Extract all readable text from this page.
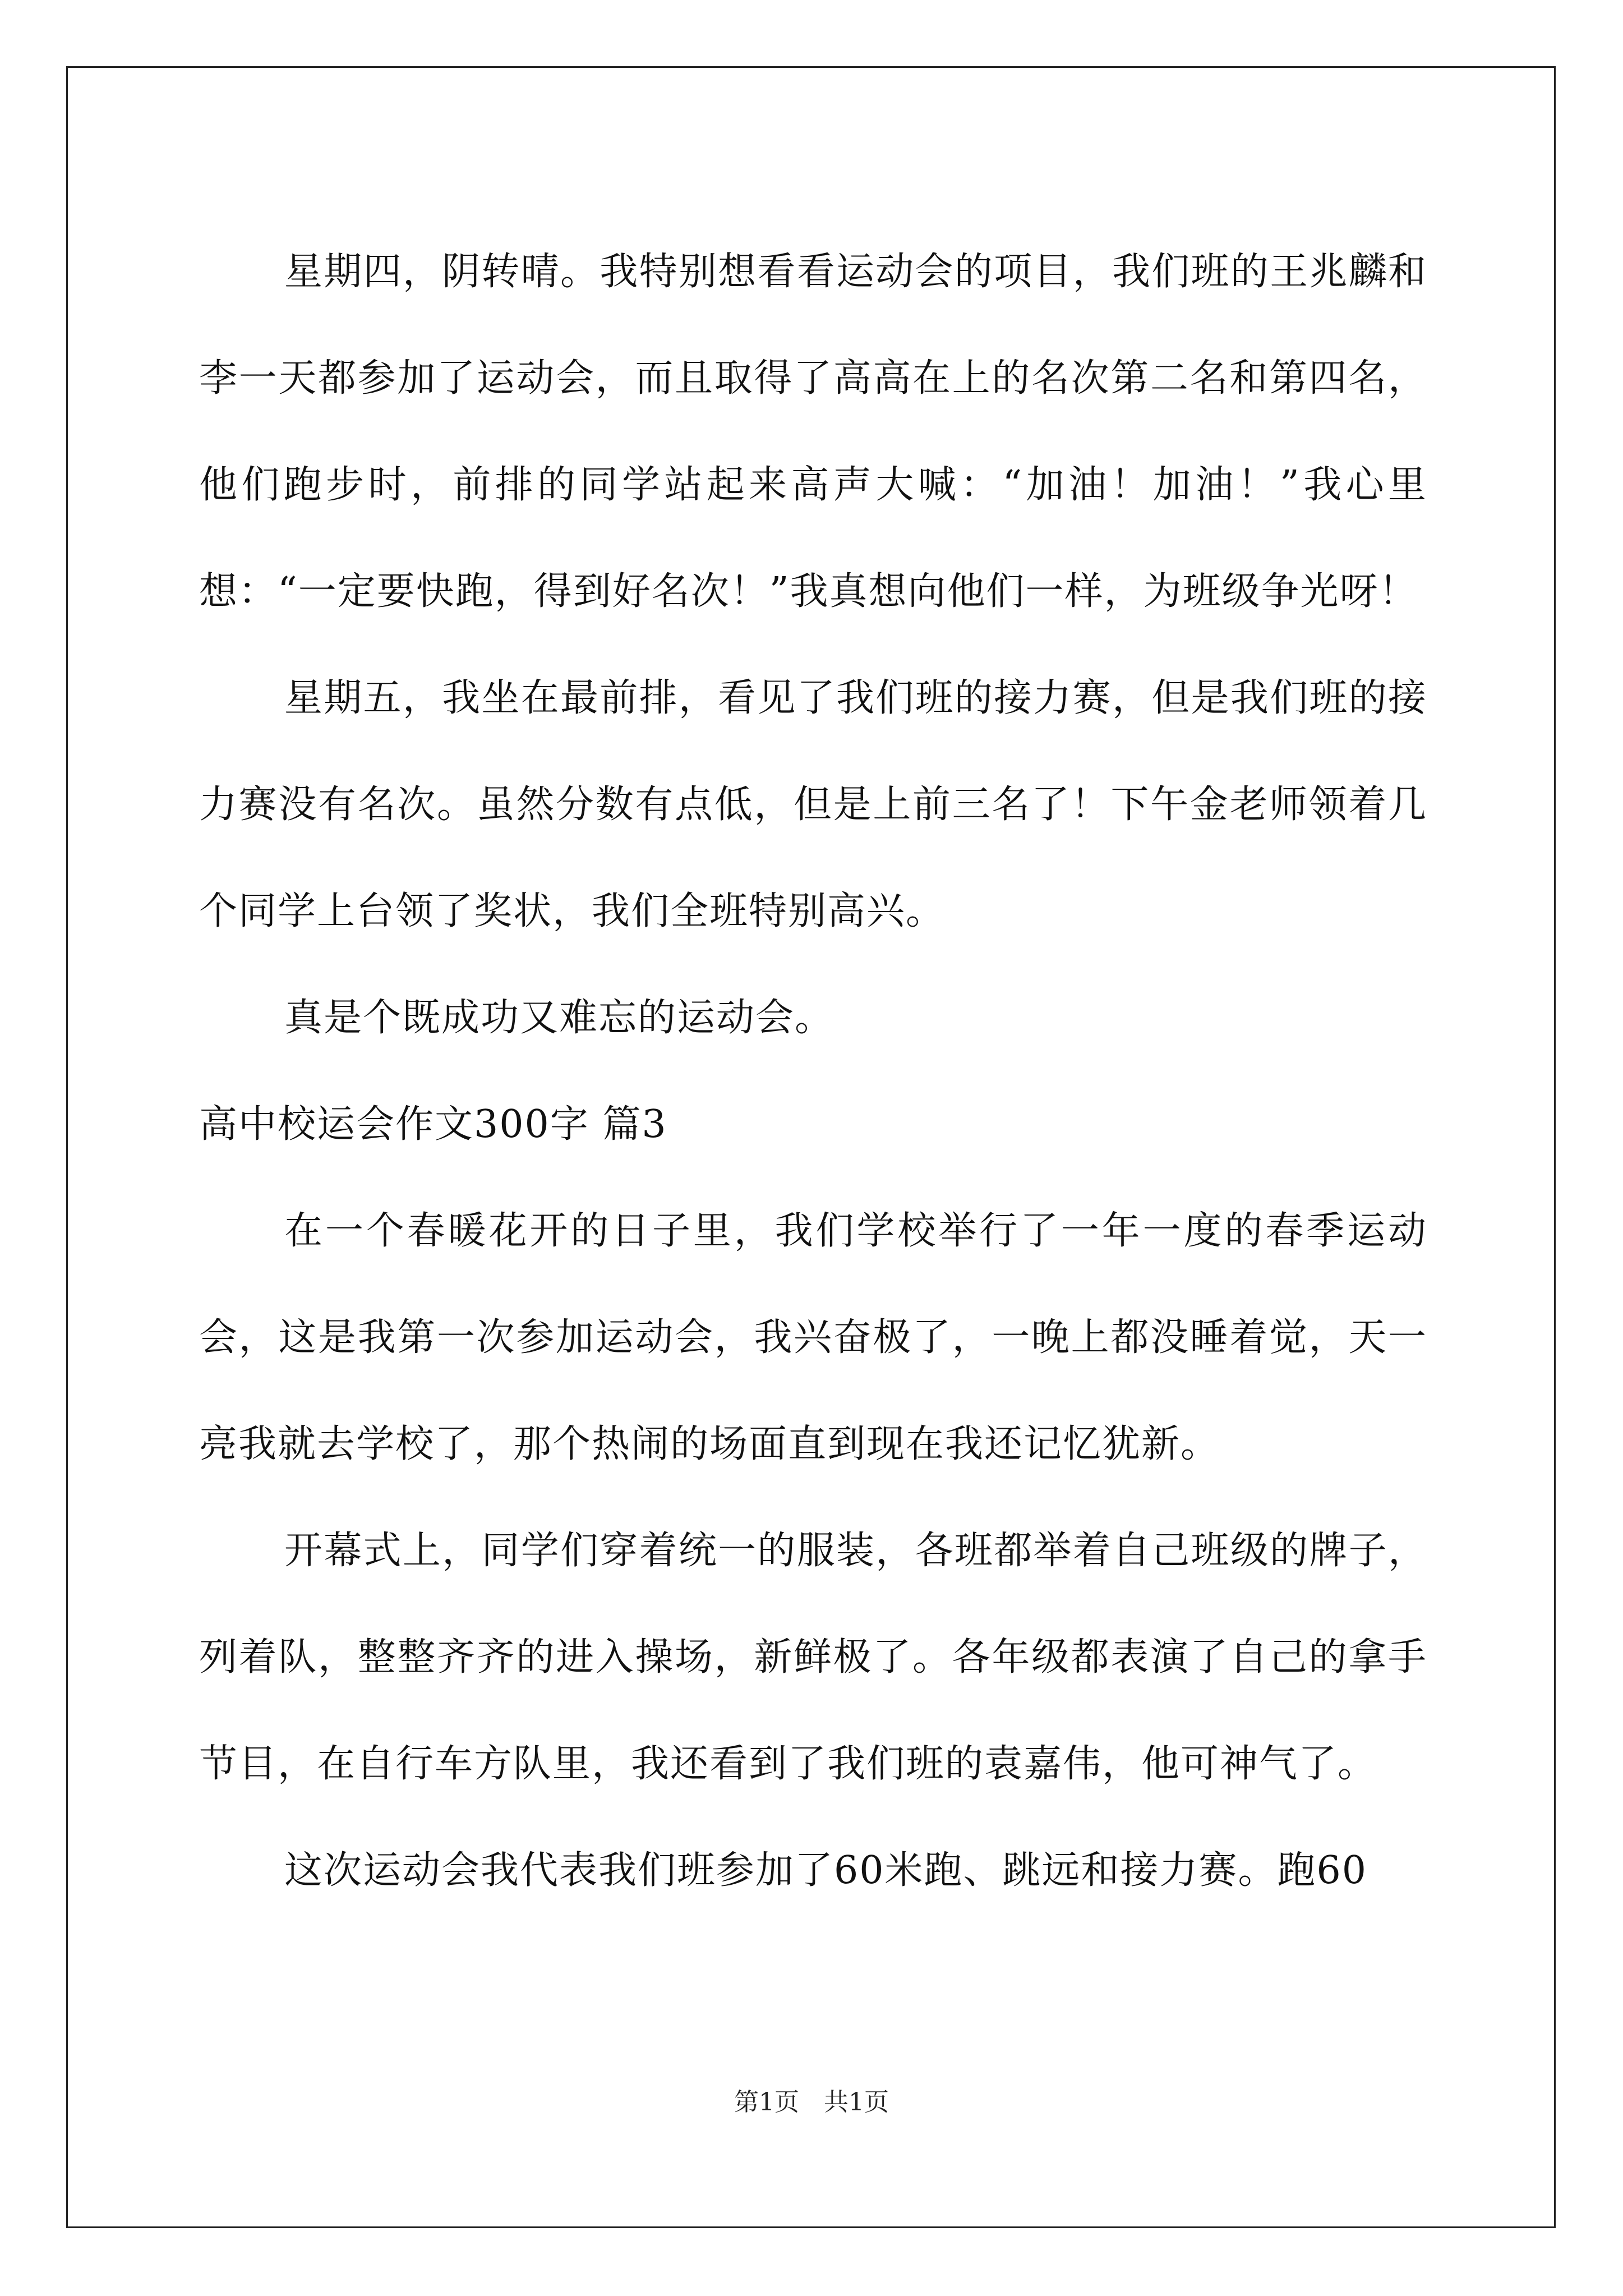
星期四，阴转晴。我特别想看看运动会的项目，我们班的王兆麟和李一天都参加了运动会，而且取得了高高在上的名次第二名和第四名，他们跑步时，前排的同学站起来高声大喊：“加油！加油！”我心里想：“一定要快跑，得到好名次！”我真想向他们一样，为班级争光呀！

星期五，我坐在最前排，看见了我们班的接力赛，但是我们班的接力赛没有名次。虽然分数有点低，但是上前三名了！下午金老师领着几个同学上台领了奖状，我们全班特别高兴。

真是个既成功又难忘的运动会。

高中校运会作文300字 篇3

在一个春暖花开的日子里，我们学校举行了一年一度的春季运动会，这是我第一次参加运动会，我兴奋极了，一晚上都没睡着觉，天一亮我就去学校了，那个热闹的场面直到现在我还记忆犹新。

开幕式上，同学们穿着统一的服装，各班都举着自己班级的牌子，列着队，整整齐齐的进入操场，新鲜极了。各年级都表演了自己的拿手节目，在自行车方队里，我还看到了我们班的袁嘉伟，他可神气了。

这次运动会我代表我们班参加了60米跑、跳远和接力赛。跑60

第1页　共1页
